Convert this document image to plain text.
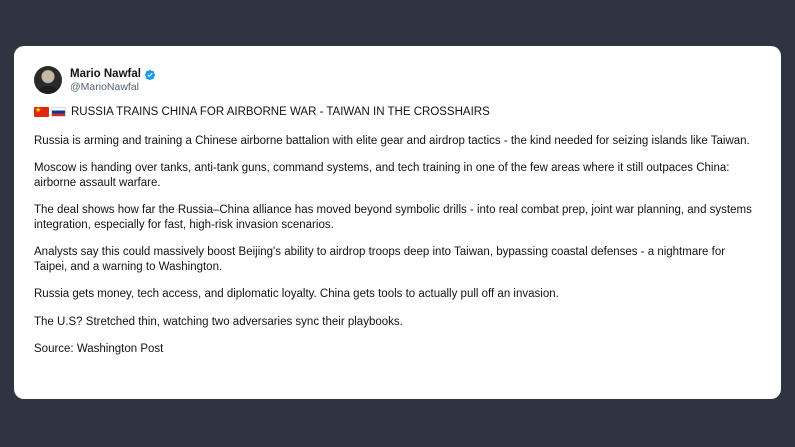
Mario Nawfal
@MarioNawfal
★
RUSSIA TRAINS CHINA FOR AIRBORNE WAR - TAIWAN IN THE CROSSHAIRS

Russia is arming and training a Chinese airborne battalion with elite gear and airdrop tactics - the kind needed for seizing islands like Taiwan.

Moscow is handing over tanks, anti-tank guns, command systems, and tech training in one of the few areas where it still outpaces China: airborne assault warfare.

The deal shows how far the Russia–China alliance has moved beyond symbolic drills - into real combat prep, joint war planning, and systems integration, especially for fast, high-risk invasion scenarios.

Analysts say this could massively boost Beijing's ability to airdrop troops deep into Taiwan, bypassing coastal defenses - a nightmare for Taipei, and a warning to Washington.

Russia gets money, tech access, and diplomatic loyalty. China gets tools to actually pull off an invasion.

The U.S? Stretched thin, watching two adversaries sync their playbooks.

Source: Washington Post
